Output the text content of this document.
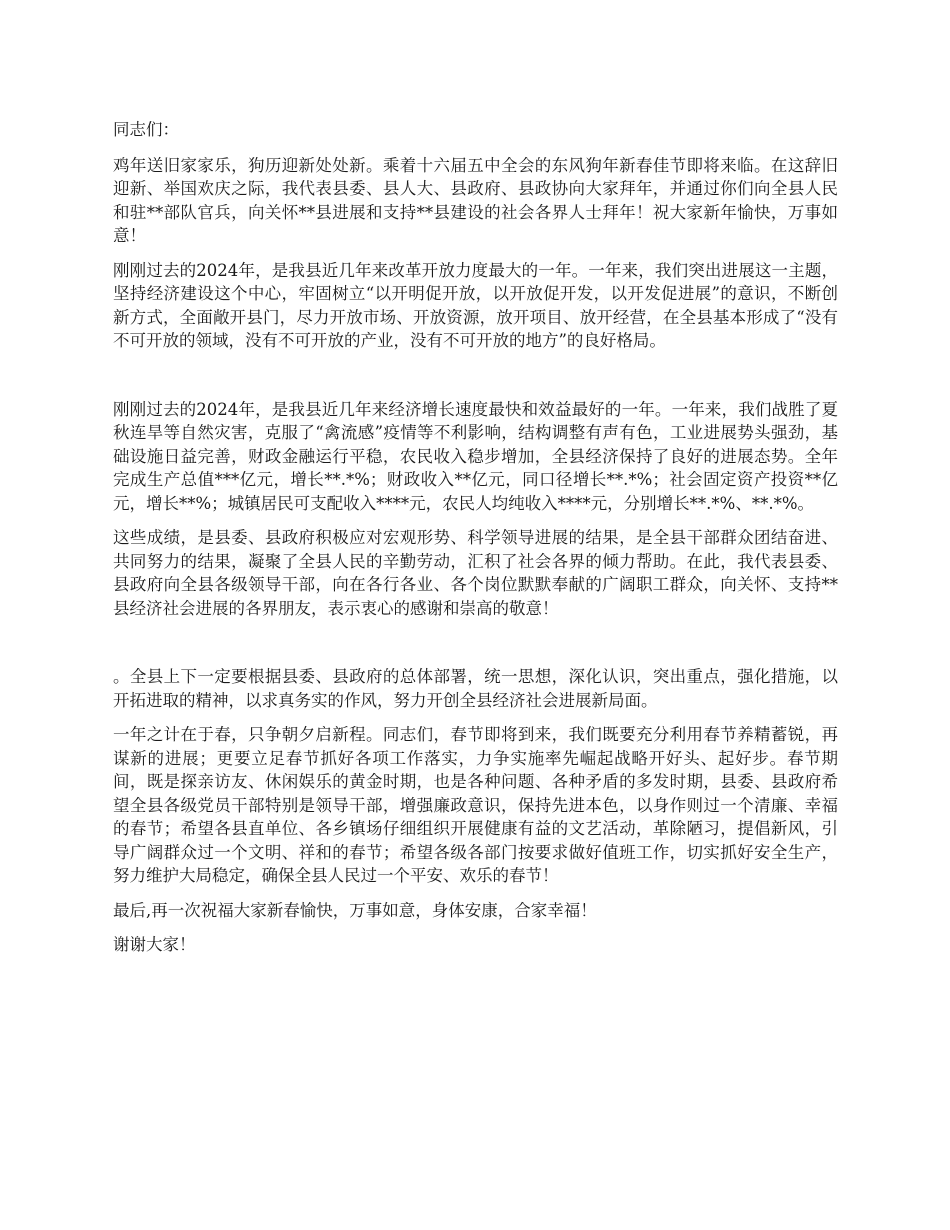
同志们：

鸡年送旧家家乐，狗历迎新处处新。乘着十六届五中全会的东风狗年新春佳节即将来临。在这辞旧迎新、举国欢庆之际，我代表县委、县人大、县政府、县政协向大家拜年，并通过你们向全县人民和驻**部队官兵，向关怀**县进展和支持**县建设的社会各界人士拜年！祝大家新年愉快，万事如意！

刚刚过去的2024年，是我县近几年来改革开放力度最大的一年。一年来，我们突出进展这一主题，坚持经济建设这个中心，牢固树立“以开明促开放，以开放促开发，以开发促进展”的意识，不断创新方式，全面敞开县门，尽力开放市场、开放资源，放开项目、放开经营，在全县基本形成了“没有不可开放的领域，没有不可开放的产业，没有不可开放的地方”的良好格局。

刚刚过去的2024年，是我县近几年来经济增长速度最快和效益最好的一年。一年来，我们战胜了夏秋连旱等自然灾害，克服了“禽流感”疫情等不利影响，结构调整有声有色，工业进展势头强劲，基础设施日益完善，财政金融运行平稳，农民收入稳步增加，全县经济保持了良好的进展态势。全年完成生产总值***亿元，增长**.*%；财政收入**亿元，同口径增长**.*%；社会固定资产投资**亿元，增长**%；城镇居民可支配收入****元，农民人均纯收入****元，分别增长**.*%、**.*%。

这些成绩，是县委、县政府积极应对宏观形势、科学领导进展的结果，是全县干部群众团结奋进、共同努力的结果，凝聚了全县人民的辛勤劳动，汇积了社会各界的倾力帮助。在此，我代表县委、县政府向全县各级领导干部，向在各行各业、各个岗位默默奉献的广阔职工群众，向关怀、支持**县经济社会进展的各界朋友，表示衷心的感谢和崇高的敬意！

。全县上下一定要根据县委、县政府的总体部署，统一思想，深化认识，突出重点，强化措施，以开拓进取的精神，以求真务实的作风，努力开创全县经济社会进展新局面。

一年之计在于春，只争朝夕启新程。同志们，春节即将到来，我们既要充分利用春节养精蓄锐，再谋新的进展；更要立足春节抓好各项工作落实，力争实施率先崛起战略开好头、起好步。春节期间，既是探亲访友、休闲娱乐的黄金时期，也是各种问题、各种矛盾的多发时期，县委、县政府希望全县各级党员干部特别是领导干部，增强廉政意识，保持先进本色，以身作则过一个清廉、幸福的春节；希望各县直单位、各乡镇场仔细组织开展健康有益的文艺活动，革除陋习，提倡新风，引导广阔群众过一个文明、祥和的春节；希望各级各部门按要求做好值班工作，切实抓好安全生产，努力维护大局稳定，确保全县人民过一个平安、欢乐的春节！

最后,再一次祝福大家新春愉快，万事如意，身体安康，合家幸福！

谢谢大家！
